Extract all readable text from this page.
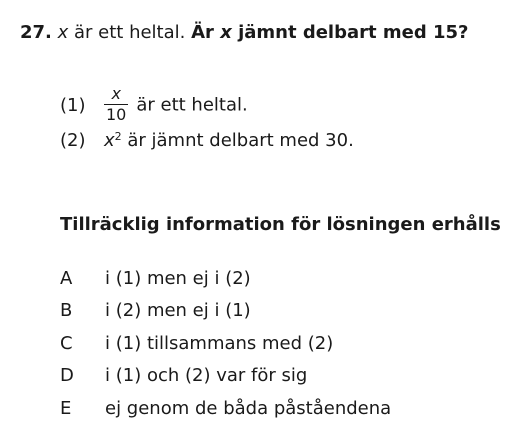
27. x är ett heltal. Är x jämnt delbart med 15?
$(1) \frac{x}{10}$ är ett heltal.
(2) $x^2$ är jämnt delbart med 30.
Tillräcklig information för lösningen erhålls
A i (1) men ej i (2)
B i (2) men ej i (1)
C i (1) tillsammans med (2)
D i (1) och (2) var för sig
E ej genom de båda påståendena
